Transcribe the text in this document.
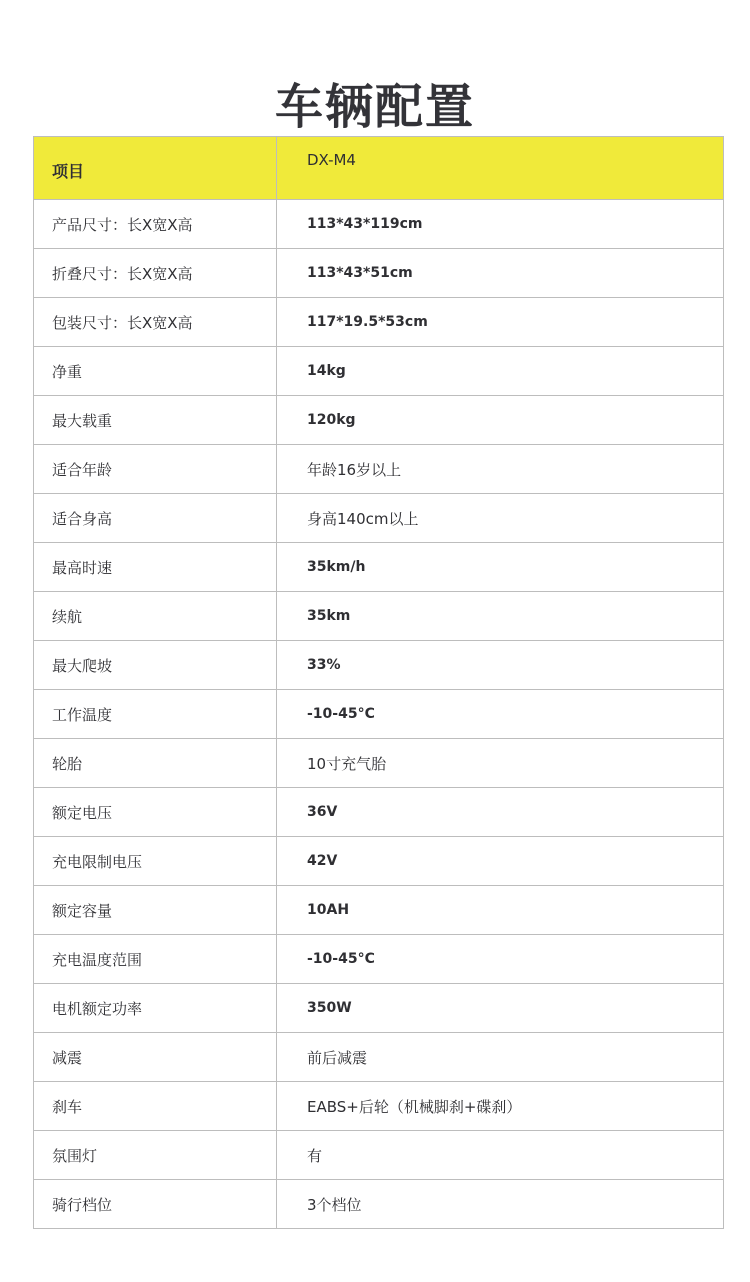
车辆配置
项目	DX-M4
产品尺寸：长X宽X高	113*43*119cm
折叠尺寸：长X宽X高	113*43*51cm
包装尺寸：长X宽X高	117*19.5*53cm
净重	14kg
最大载重	120kg
适合年龄	年龄16岁以上
适合身高	身高140cm以上
最高时速	35km/h
续航	35km
最大爬坡	33%
工作温度	-10-45°C
轮胎	10寸充气胎
额定电压	36V
充电限制电压	42V
额定容量	10AH
充电温度范围	-10-45°C
电机额定功率	350W
减震	前后减震
刹车	EABS+后轮（机械脚刹+碟刹）
氛围灯	有
骑行档位	3个档位
